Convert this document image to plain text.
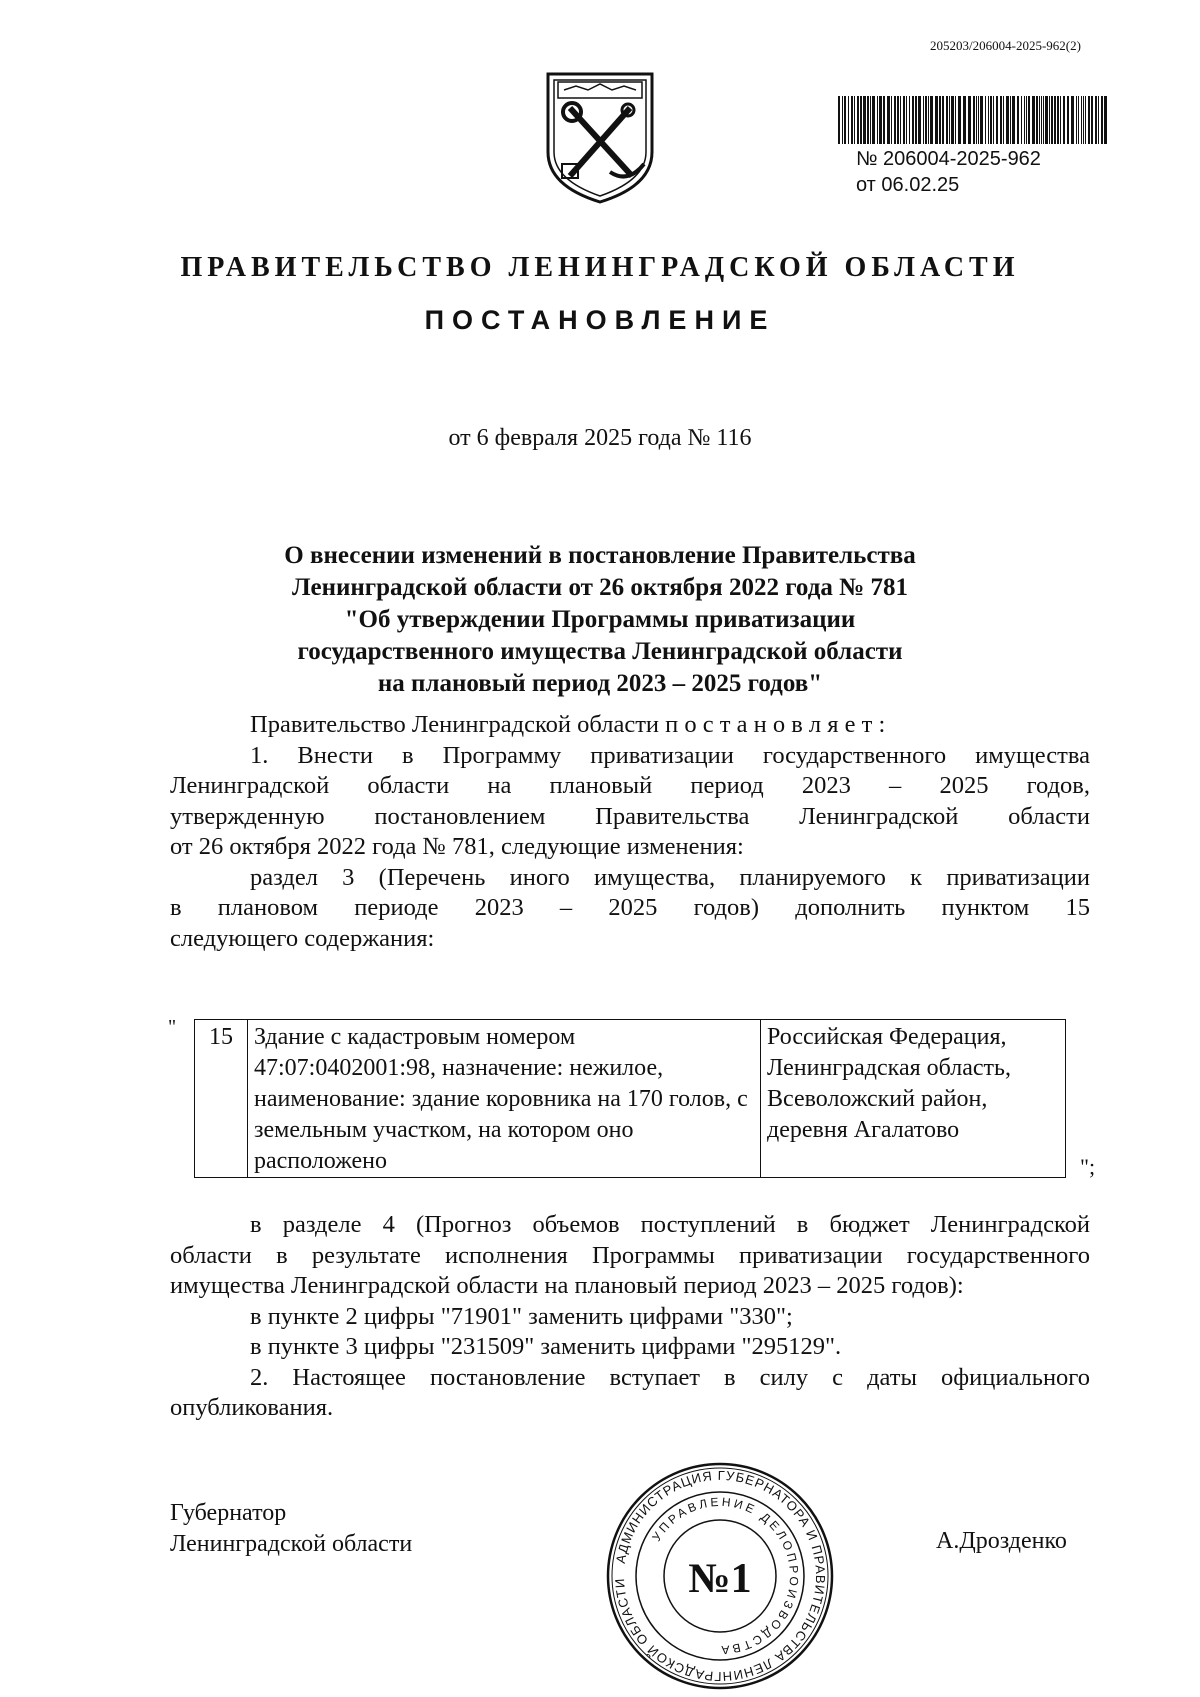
205203/206004-2025-962(2)
№ 206004-2025-962
от 06.02.25
ПРАВИТЕЛЬСТВО ЛЕНИНГРАДСКОЙ ОБЛАСТИ
ПОСТАНОВЛЕНИЕ
от 6 февраля 2025 года № 116
О внесении изменений в постановление Правительства
Ленинградской области от 26 октября 2022 года № 781
"Об утверждении Программы приватизации
государственного имущества Ленинградской области
на плановый период 2023 – 2025 годов"
Правительство Ленинградской области п о с т а н о в л я е т :
1. Внести в Программу приватизации государственного имущества
Ленинградской области на плановый период 2023 – 2025 годов,
утвержденную постановлением Правительства Ленинградской области
от 26 октября 2022 года № 781, следующие изменения:
раздел 3 (Перечень иного имущества, планируемого к приватизации
в плановом периоде 2023 – 2025 годов) дополнить пунктом 15
следующего содержания:
" 15	Здание с кадастровым номером 47:07:0402001:98, назначение: нежилое, наименование: здание коровника на 170 голов, с земельным участком, на котором оно расположено	Российская Федерация, Ленинградская область, Всеволожский район, деревня Агалатово
";
в разделе 4 (Прогноз объемов поступлений в бюджет Ленинградской
области в результате исполнения Программы приватизации государственного
имущества Ленинградской области на плановый период 2023 – 2025 годов):
в пункте 2 цифры "71901" заменить цифрами "330";
в пункте 3 цифры "231509" заменить цифрами "295129".
2. Настоящее постановление вступает в силу с даты официального
опубликования.
Губернатор
Ленинградской области
АДМИНИСТРАЦИЯ ГУБЕРНАТОРА И ПРАВИТЕЛЬСТВА ЛЕНИНГРАДСКОЙ ОБЛАСТИ
УПРАВЛЕНИЕ ДЕЛОПРОИЗВОДСТВА
№1
А.Дрозденко
